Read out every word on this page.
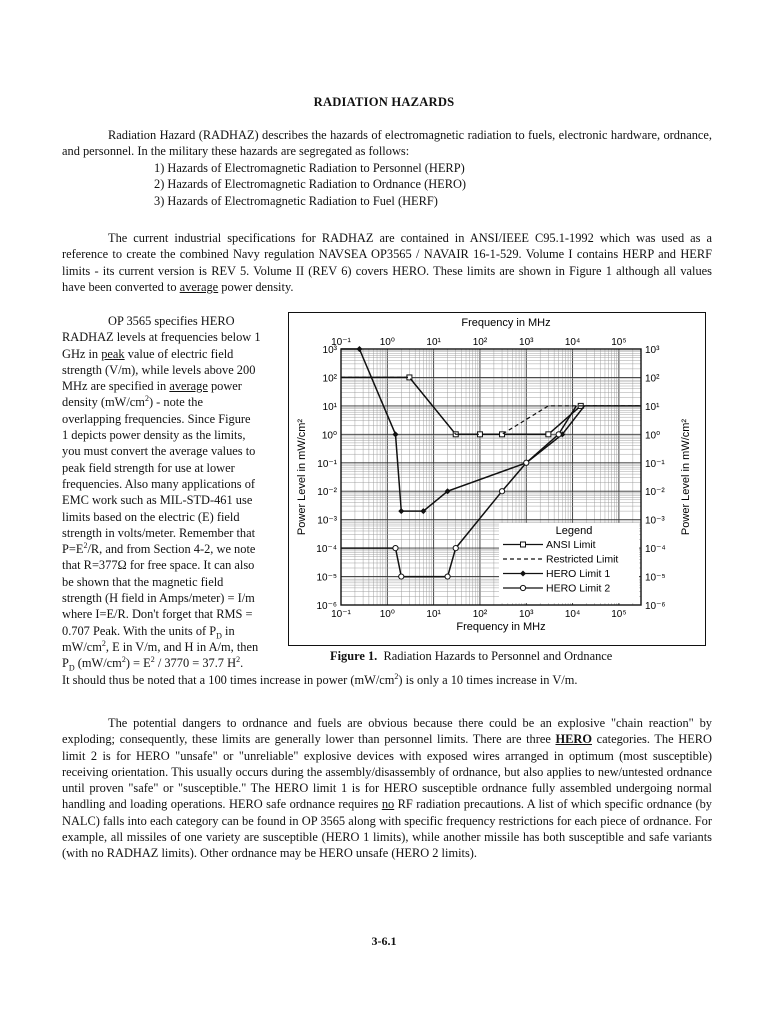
RADIATION HAZARDS
Radiation Hazard (RADHAZ) describes the hazards of electromagnetic radiation to fuels, electronic hardware, ordnance, and personnel. In the military these hazards are segregated as follows:
1) Hazards of Electromagnetic Radiation to Personnel (HERP)
2) Hazards of Electromagnetic Radiation to Ordnance (HERO)
3) Hazards of Electromagnetic Radiation to Fuel (HERF)
The current industrial specifications for RADHAZ are contained in ANSI/IEEE C95.1-1992 which was used as a reference to create the combined Navy regulation NAVSEA OP3565 / NAVAIR 16-1-529. Volume I contains HERP and HERF limits - its current version is REV 5. Volume II (REV 6) covers HERO. These limits are shown in Figure 1 although all values have been converted to average power density.
OP 3565 specifies HERO
RADHAZ levels at frequencies below 1
GHz in peak value of electric field
strength (V/m), while levels above 200
MHz are specified in average power
density $(mW/cm^2)$ - note the
overlapping frequencies. Since Figure
1 depicts power density as the limits,
you must convert the average values to
peak field strength for use at lower
frequencies. Also many applications of
EMC work such as MIL-STD-461 use
limits based on the electric (E) field
strength in volts/meter. Remember that
$P=E^2/R$, and from Section 4-2, we note
that R=377Ω for free space. It can also
be shown that the magnetic field
strength (H field in Amps/meter) = I/m
where I=E/R. Don't forget that RMS =
0.707 Peak. With the units of $P_D$ in
$mW/cm^2$, E in V/m, and H in A/m, then
$P_D$ $(mW/cm^2) = E^2 / 3770 = 37.7$ $H^2$.
It should thus be noted that a 100 times increase in power $(mW/cm^2)$ is only a 10 times increase in V/m.
10⁻¹
10⁻¹
10⁰
10⁰
10¹
10¹
10²
10²
10³
10³
10⁴
10⁴
10⁵
10⁵
10³	10³
10²	10²
10¹	10¹
10⁰	10⁰
10⁻¹	10⁻¹
10⁻²	10⁻²
10⁻³	10⁻³
10⁻⁴	10⁻⁴
10⁻⁵	10⁻⁵
10⁻⁶	10⁻⁶
Frequency in MHz
Frequency in MHz
Power Level in mW/cm²	Power Level in mW/cm²
Legend
ANSI Limit
Restricted Limit
HERO Limit 1
HERO Limit 2
Figure 1.  Radiation Hazards to Personnel and Ordnance
The potential dangers to ordnance and fuels are obvious because there could be an explosive "chain reaction" by exploding; consequently, these limits are generally lower than personnel limits. There are three HERO categories. The HERO limit 2 is for HERO "unsafe" or "unreliable" explosive devices with exposed wires arranged in optimum (most susceptible) receiving orientation. This usually occurs during the assembly/disassembly of ordnance, but also applies to new/untested ordnance until proven "safe" or "susceptible." The HERO limit 1 is for HERO susceptible ordnance fully assembled undergoing normal handling and loading operations. HERO safe ordnance requires no RF radiation precautions. A list of which specific ordnance (by NALC) falls into each category can be found in OP 3565 along with specific frequency restrictions for each piece of ordnance. For example, all missiles of one variety are susceptible (HERO 1 limits), while another missile has both susceptible and safe variants (with no RADHAZ limits). Other ordnance may be HERO unsafe (HERO 2 limits).
3-6.1
